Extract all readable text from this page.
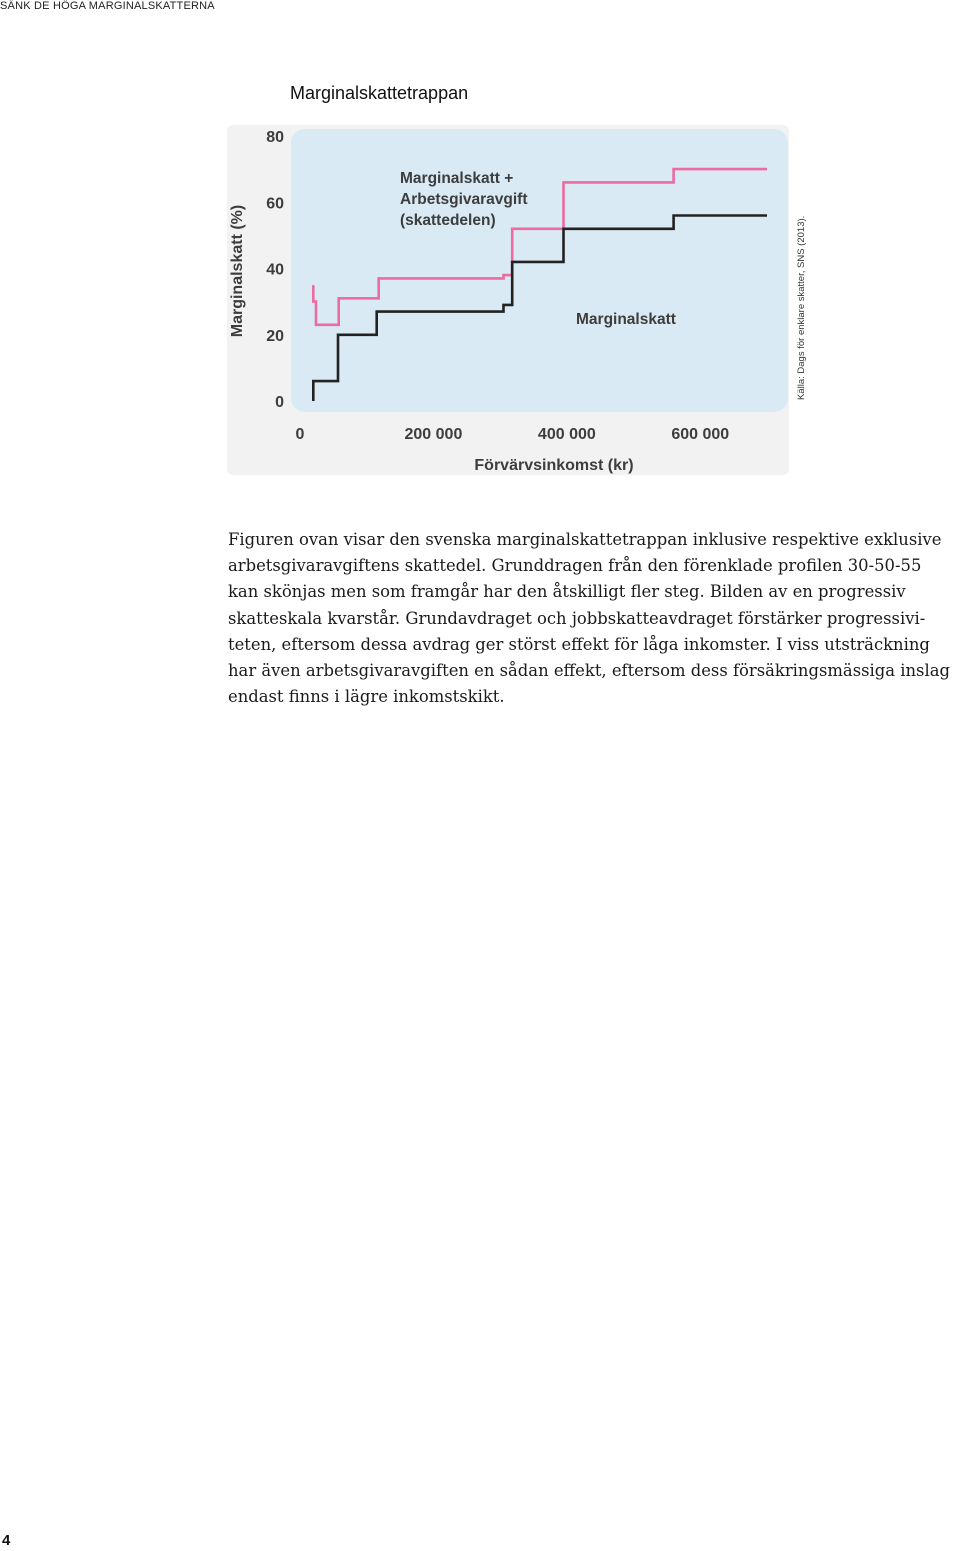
SÄNK DE HÖGA MARGINALSKATTERNA
Marginalskattetrappan
0
20
40
60
80
0	200 000	400 000	600 000
Marginalskatt (%)
Förvärvsinkomst (kr)
Marginalskatt + Arbetsgivaravgift (skattedelen)
Marginalskatt	Källa: Dags för enklare skatter, SNS (2013).

Figuren ovan visar den svenska marginalskattetrappan inklusive respektive exklusive
arbetsgivaravgiftens skattedel. Grunddragen från den förenklade profilen 30-50-55
kan skönjas men som framgår har den åtskilligt fler steg. Bilden av en progressiv
skatteskala kvarstår. Grundavdraget och jobbskatteavdraget förstärker progressivi-
teten, eftersom dessa avdrag ger störst effekt för låga inkomster. I viss utsträckning
har även arbetsgivaravgiften en sådan effekt, eftersom dess försäkringsmässiga inslag
endast finns i lägre inkomstskikt.

4
